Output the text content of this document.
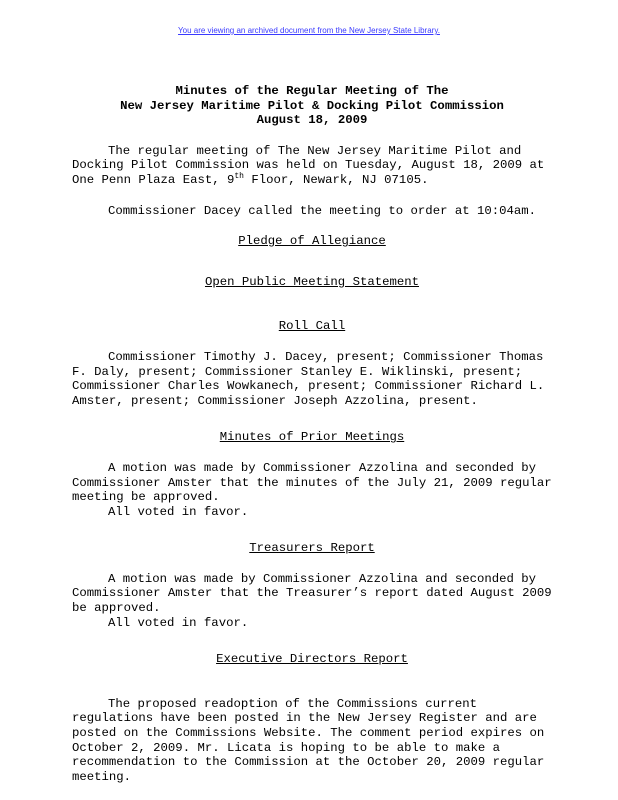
You are viewing an archived document from the New Jersey State Library.

Minutes of the Regular Meeting of The

New Jersey Maritime Pilot & Docking Pilot Commission

August 18, 2009

The regular meeting of The New Jersey Maritime Pilot and Docking Pilot Commission was held on Tuesday, August 18, 2009 at One Penn Plaza East, 9th Floor, Newark, NJ 07105.

Commissioner Dacey called the meeting to order at 10:04am.

Pledge of Allegiance

Open Public Meeting Statement

Roll Call

Commissioner Timothy J. Dacey, present; Commissioner Thomas F. Daly, present; Commissioner Stanley E. Wiklinski, present; Commissioner Charles Wowkanech, present; Commissioner Richard L. Amster, present; Commissioner Joseph Azzolina, present.

Minutes of Prior Meetings

A motion was made by Commissioner Azzolina and seconded by Commissioner Amster that the minutes of the July 21, 2009 regular meeting be approved.

All voted in favor.

Treasurers Report

A motion was made by Commissioner Azzolina and seconded by Commissioner Amster that the Treasurer’s report dated August 2009 be approved.

All voted in favor.

Executive Directors Report

The proposed readoption of the Commissions current regulations have been posted in the New Jersey Register and are posted on the Commissions Website. The comment period expires on October 2, 2009. Mr. Licata is hoping to be able to make a recommendation to the Commission at the October 20, 2009 regular meeting.
